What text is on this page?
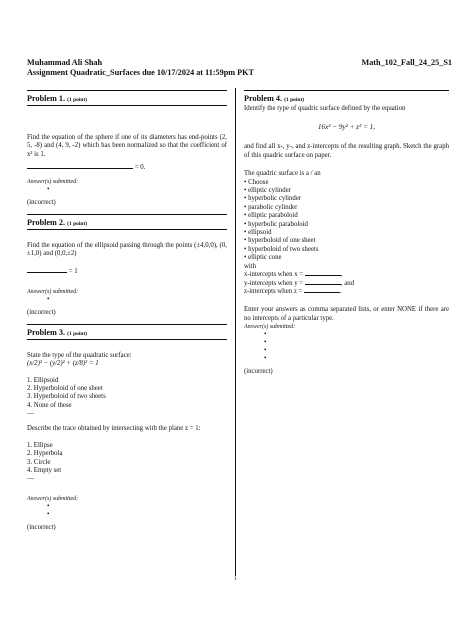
Muhammad Ali Shah	Math_102_Fall_24_25_S1
Assignment Quadratic_Surfaces due 10/17/2024 at 11:59pm PKT
Problem 1. (1 point)

Find the equation of the sphere if one of its diameters has end-points (2, 5, -8) and (4, 9, -2) which has been normalized so that the coefficient of x² is 1.

= 0.
Answer(s) submitted:
•
(incorrect)
Problem 2. (1 point)

Find the equation of the ellipsoid passing through the points (±4,0,0), (0,±1,0) and (0,0,±2)

= 1
Answer(s) submitted:
•
(incorrect)
Problem 3. (1 point)

State the type of the quadratic surface:

(x/2)² − (y/2)² + (z/8)² = 1
1. Ellipsoid
2. Hyperboloid of one sheet
3. Hyperboloid of two sheets
4. None of these
—

Describe the trace obtained by intersecting with the plane z = 1:

1. Ellipse
2. Hyperbola
3. Circle
4. Empty set
—
Answer(s) submitted:
•
•
(incorrect)
Problem 4. (1 point)

Identify the type of quadric surface defined by the equation

16x² − 9y² + z² = 1,

and find all x-, y-, and z-intercepts of the resulting graph. Sketch the graph of this quadric surface on paper.

The quadric surface is a / an

• Choose
• elliptic cylinder
• hyperbolic cylinder
• parabolic cylinder
• elliptic paraboloid
• hyperbolic paraboloid
• ellipsoid
• hyperboloid of one sheet
• hyperboloid of two sheets
• elliptic cone

with

x-intercepts when x =	,
y-intercepts when y =	, and
z-intercepts when z =	.

Enter your answers as comma separated lists, or enter NONE if there are no intercepts of a particular type.

Answer(s) submitted:
•
•
•
•
(incorrect)
1
